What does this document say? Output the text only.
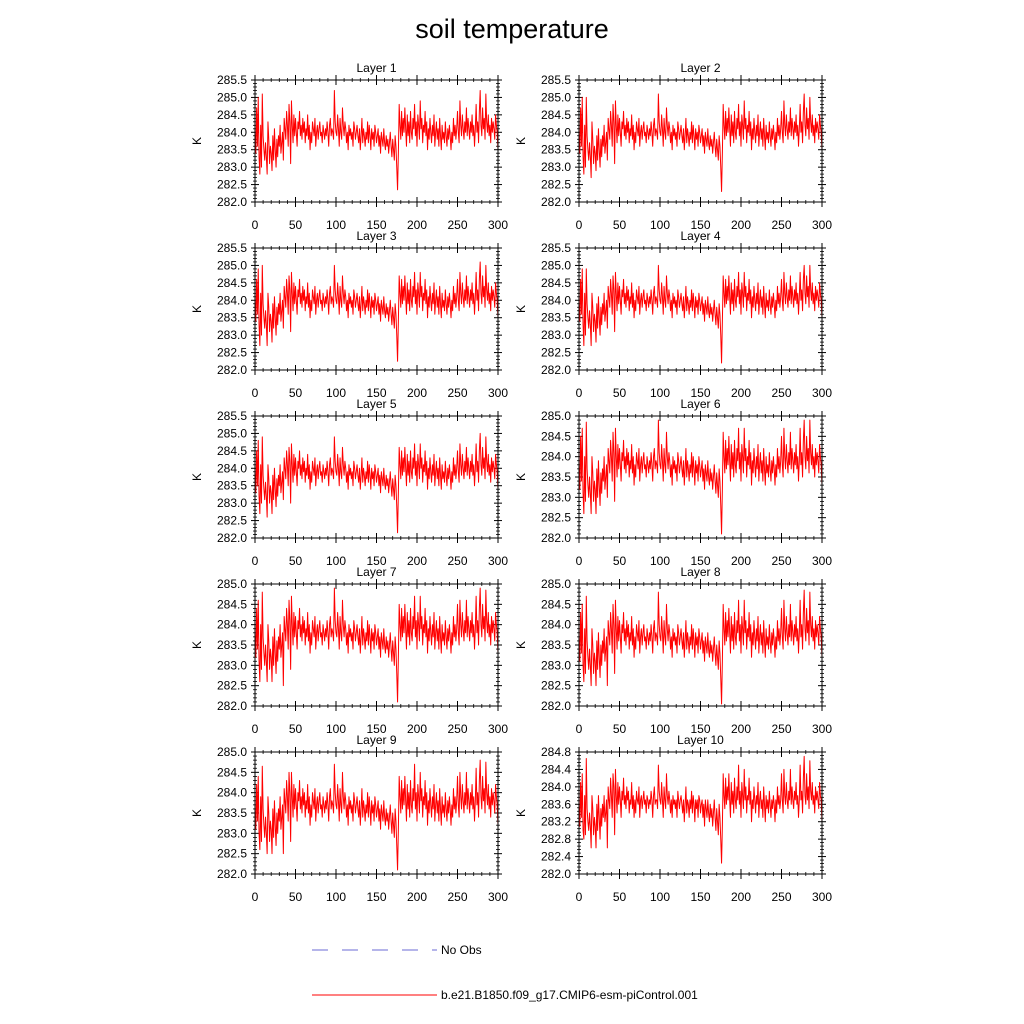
soil temperature
Layer 1
K
282.0
282.5
283.0
283.5
284.0
284.5
285.0
285.5
0	50 100 150 200 250 300
Layer 2
K
282.0
282.5
283.0
283.5
284.0
284.5
285.0
285.5
0	50 100 150 200 250 300
Layer 3
K
282.0
282.5
283.0
283.5
284.0
284.5
285.0
285.5
0	50 100 150 200 250 300
Layer 4
K
282.0
282.5
283.0
283.5
284.0
284.5
285.0
285.5
0	50 100 150 200 250 300
Layer 5
K
282.0
282.5
283.0
283.5
284.0
284.5
285.0
285.5
0	50 100 150 200 250 300
Layer 6
K
282.0
282.5
283.0
283.5
284.0
284.5
285.0
0	50 100 150 200 250 300
Layer 7
K
282.0
282.5
283.0
283.5
284.0
284.5
285.0
0	50 100 150 200 250 300
Layer 8
K
282.0
282.5
283.0
283.5
284.0
284.5
285.0
0	50 100 150 200 250 300
Layer 9
K
282.0
282.5
283.0
283.5
284.0
284.5
285.0
0	50 100 150 200 250 300
Layer 10
K
282.0
282.4
282.8
283.2
283.6
284.0
284.4
284.8
0	50 100 150 200 250 300
No Obs
b.e21.B1850.f09_g17.CMIP6-esm-piControl.001
